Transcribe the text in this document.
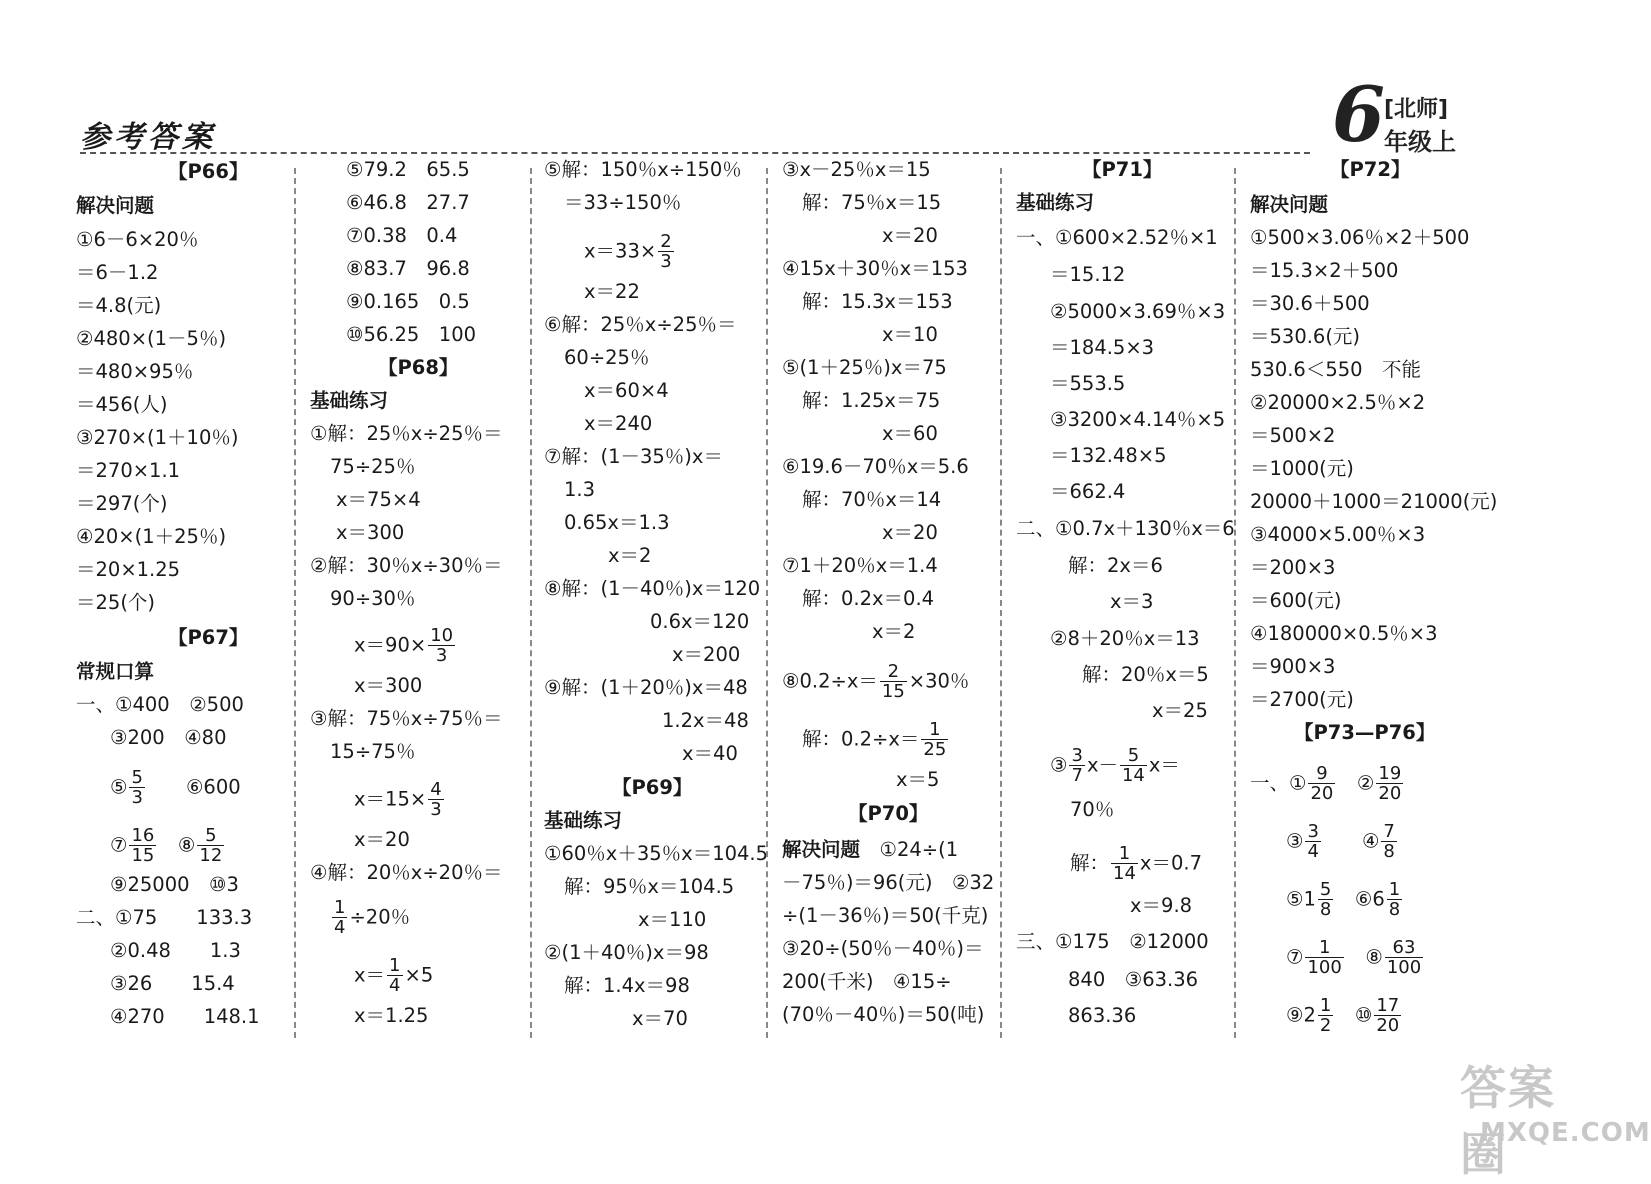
参考答案	6 [北师]
年级上
【P66】
解决问题
①6－6×20％
＝6－1.2
＝4.8(元)
②480×(1－5％)
＝480×95％
＝456(人)
③270×(1＋10％)
＝270×1.1
＝297(个)
④20×(1＋25％)
＝20×1.25
＝25(个)
【P67】
常规口算
一、①400　②500
③200　④80
⑤ $\frac{5}{3}$ 　　⑥600
⑦ $\frac{16}{15}$ 　⑧ $\frac{5}{12}$
⑨25000　⑩3
二、①75　　133.3
②0.48　　1.3
③26　　15.4
④270　　148.1
⑤79.2　65.5
⑥46.8　27.7
⑦0.38　0.4
⑧83.7　96.8
⑨0.165　0.5
⑩56.25　100
【P68】
基础练习
①解：25％x÷25％＝
75÷25％
x＝75×4
x＝300
②解：30％x÷30％＝
90÷30％
$x=90\times \frac{10}{3}$
x＝300
③解：75％x÷75％＝
15÷75％
$x=15\times \frac{4}{3}$
x＝20
④解：20％x÷20％＝
$\frac{1}{4} \div 20$％
$x= \frac{1}{4} \times 5$
x＝1.25
⑤解：150％x÷150％
＝33÷150％
$x=33\times \frac{2}{3}$
x＝22
⑥解：25％x÷25％＝
60÷25％
x＝60×4
x＝240
⑦解：(1－35％)x＝
1.3
0.65x＝1.3
x＝2
⑧解：(1－40％)x＝120
0.6x＝120
x＝200
⑨解：(1＋20％)x＝48
1.2x＝48
x＝40
【P69】
基础练习
①60％x＋35％x＝104.5
解：95％x＝104.5
x＝110
②(1＋40％)x＝98
解：1.4x＝98
x＝70
③x－25％x＝15
解：75％x＝15
x＝20
④15x＋30％x＝153
解：15.3x＝153
x＝10
⑤(1＋25％)x＝75
解：1.25x＝75
x＝60
⑥19.6－70％x＝5.6
解：70％x＝14
x＝20
⑦1＋20％x＝1.4
解：0.2x＝0.4
x＝2
⑧0.2÷x＝ $\frac{2}{15} \times 30$％
解：$0.2\div x= \frac{1}{25}$
x＝5
【P70】
解决问题　①24÷(1
－75％)＝96(元)　②32
÷(1－36％)＝50(千克)
③20÷(50％－40％)＝
200(千米)　④15÷
(70％－40％)＝50(吨)
【P71】
基础练习
一、①600×2.52％×1
＝15.12
②5000×3.69％×3
＝184.5×3
＝553.5
③3200×4.14％×5
＝132.48×5
＝662.4
二、①0.7x＋130％x＝6
解：2x＝6
x＝3
②8＋20％x＝13
解：20％x＝5
x＝25
③ $\frac{3}{7} x- \frac{5}{14} x=$
70％
解： $\frac{1}{14} x=0.7$
x＝9.8
三、①175　②12000
840　③63.36
863.36
【P72】
解决问题
①500×3.06％×2＋500
＝15.3×2＋500
＝30.6＋500
＝530.6(元)
530.6＜550　不能
②20000×2.5％×2
＝500×2
＝1000(元)
20000＋1000＝21000(元)
③4000×5.00％×3
＝200×3
＝600(元)
④180000×0.5％×3
＝900×3
＝2700(元)
【P73—P76】
一、① $\frac{9}{20}$ 　② $\frac{19}{20}$
③ $\frac{3}{4}$ 　　④ $\frac{7}{8}$
⑤1 $\frac{5}{8}$ 　⑥6 $\frac{1}{8}$
⑦ $\frac{1}{100}$ 　⑧ $\frac{63}{100}$
⑨2 $\frac{1}{2}$ 　⑩ $\frac{17}{20}$
答案圈
MXQE.COM
